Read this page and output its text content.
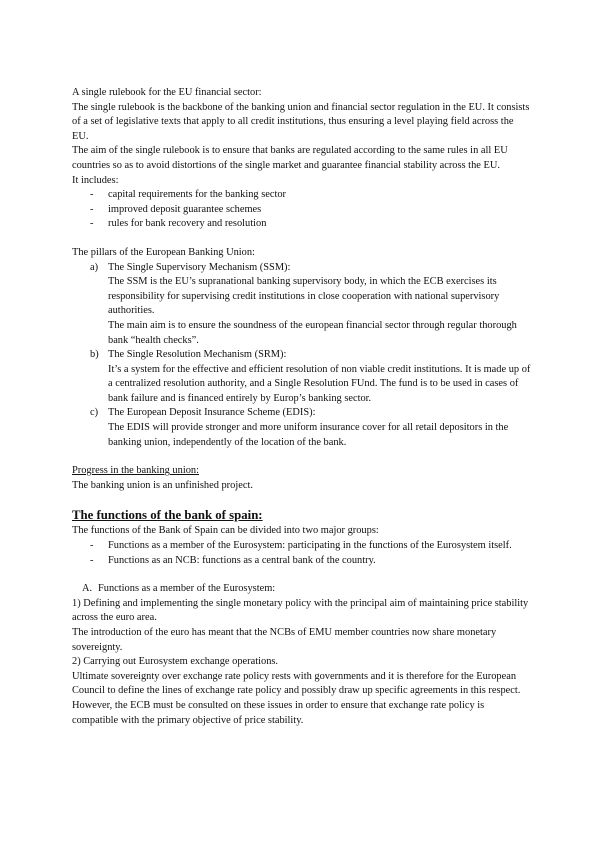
A single rulebook for the EU financial sector:

The single rulebook is the backbone of the banking union and financial sector regulation in the EU. It consists of a set of legislative texts that apply to all credit institutions, thus ensuring a level playing field across the EU.

The aim of the single rulebook is to ensure that banks are regulated according to the same rules in all EU countries so as to avoid distortions of the single market and guarantee financial stability across the EU.

It includes:

- capital requirements for the banking sector
- improved deposit guarantee schemes
- rules for bank recovery and resolution

The pillars of the European Banking Union:

a) The Single Supervisory Mechanism (SSM):
The SSM is the EU’s supranational banking supervisory body, in which the ECB exercises its responsibility for supervising credit institutions in close cooperation with national supervisory authorities.
The main aim is to ensure the soundness of the european financial sector through regular thorough bank “health checks”.
b) The Single Resolution Mechanism (SRM):
It’s a system for the effective and efficient resolution of non viable credit institutions. It is made up of a centralized resolution authority, and a Single Resolution FUnd. The fund is to be used in cases of bank failure and is financed entirely by Europ’s banking sector.
c) The European Deposit Insurance Scheme (EDIS):
The EDIS will provide stronger and more uniform insurance cover for all retail depositors in the banking union, independently of the location of the bank.

Progress in the banking union:

The banking union is an unfinished project.

The functions of the bank of spain:

The functions of the Bank of Spain can be divided into two major groups:

- Functions as a member of the Eurosystem: participating in the functions of the Eurosystem itself.
- Functions as an NCB: functions as a central bank of the country.

A. Functions as a member of the Eurosystem:

1) Defining and implementing the single monetary policy with the principal aim of maintaining price stability across the euro area.

The introduction of the euro has meant that the NCBs of EMU member countries now share monetary sovereignty.

2) Carrying out Eurosystem exchange operations.

Ultimate sovereignty over exchange rate policy rests with governments and it is therefore for the European Council to define the lines of exchange rate policy and possibly draw up specific agreements in this respect. However, the ECB must be consulted on these issues in order to ensure that exchange rate policy is compatible with the primary objective of price stability.
